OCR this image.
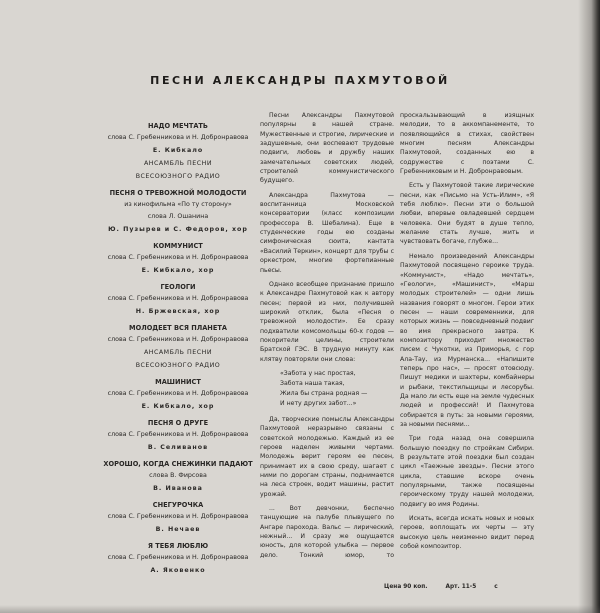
ПЕСНИ АЛЕКСАНДРЫ ПАХМУТОВОЙ
НАДО МЕЧТАТЬ
слова С. Гребенникова и Н. Добронравова
Е. Кибкало
АНСАМБЛЬ ПЕСНИ
ВСЕСОЮЗНОГО РАДИО
ПЕСНЯ О ТРЕВОЖНОЙ МОЛОДОСТИ
из кинофильма «По ту сторону»
слова Л. Ошанина
Ю. Пузырев и С. Федоров, хор
КОММУНИСТ
слова С. Гребенникова и Н. Добронравова
Е. Кибкало, хор
ГЕОЛОГИ
слова С. Гребенникова и Н. Добронравова
Н. Бржевская, хор
МОЛОДЕЕТ ВСЯ ПЛАНЕТА
слова С. Гребенникова и Н. Добронравова
АНСАМБЛЬ ПЕСНИ
ВСЕСОЮЗНОГО РАДИО
МАШИНИСТ
слова С. Гребенникова и Н. Добронравова
Е. Кибкало, хор
ПЕСНЯ О ДРУГЕ
слова С. Гребенникова и Н. Добронравова
В. Селиванов
ХОРОШО, КОГДА СНЕЖИНКИ ПАДАЮТ
слова В. Фирсова
В. Иванова
СНЕГУРОЧКА
слова С. Гребенникова и Н. Добронравова
В. Нечаев
Я ТЕБЯ ЛЮБЛЮ
слова С. Гребенникова и Н. Добронравова
А. Яковенко

Песни Александры Пахмутовой популярны в нашей стране. Мужественные и строгие, лирические и задушевные, они воспевают трудовые подвиги, любовь и дружбу наших замечательных советских людей, строителей коммунистического будущего.

Александра Пахмутова — воспитанница Московской консерватории (класс композиции профессора В. Шебалина). Еще в студенческие годы ею созданы симфоническая сюита, кантата «Василий Теркин», концерт для трубы с оркестром, многие фортепианные пьесы.

Однако всеобщее признание пришло к Александре Пахмутовой как к автору песен; первой из них, получившей широкий отклик, была «Песня о тревожной молодости». Ее сразу подхватили комсомольцы 60-х годов — покорители целины, строители Братской ГЭС. В трудную минуту как клятву повторяли они слова:

«Забота у нас простая,
Забота наша такая,
Жила бы страна родная —
И нету других забот...»

Да, творческие помыслы Александры Пахмутовой неразрывно связаны с советской молодежью. Каждый из ее героев наделен живыми чертами. Молодежь верит героям ее песен, принимает их в свою среду, шагает с ними по дорогам страны, поднимается на леса строек, водит машины, растит урожай.

... Вот девчонки, беспечно танцующие на палубе плывущего по Ангаре парохода. Вальс — лирический, нежный... И сразу же ощущается юность, для которой улыбка — первое дело. Тонкий юмор, то проскальзывающий в изящных мелодии, то в аккомпанементе, то появляющийся в стихах, свойствен многим песням Александры Пахмутовой, созданных ею в содружестве с поэтами С. Гребенниковым и Н. Добронравовым.

Есть у Пахмутовой такие лирические песни, как «Письмо на Усть-Илим», «Я тебя люблю». Песни эти о большой любви, впервые овладевшей сердцем человека. Они будят в душе тепло, желание стать лучше, жить и чувствовать богаче, глубже...

Немало произведений Александры Пахмутовой посвящено героике труда. «Коммунист», «Надо мечтать», «Геологи», «Машинист», «Марш молодых строителей» — одни лишь названия говорят о многом. Герои этих песен — наши современники, для которых жизнь — повседневный подвиг во имя прекрасного завтра. К композитору приходит множество писем с Чукотки, из Приморья, с гор Ала-Тау, из Мурманска... «Напишите теперь про нас», — просят отовсюду. Пишут медики и шахтеры, комбайнеры и рыбаки, текстильщицы и лесорубы. Да мало ли есть еще на земле чудесных людей и профессий! И Пахмутова собирается в путь: за новыми героями, за новыми песнями...

Три года назад она совершила большую поездку по стройкам Сибири. В результате этой поездки был создан цикл «Таежные звезды». Песни этого цикла, ставшие вскоре очень популярными, также посвящены героическому труду нашей молодежи, подвигу во имя Родины.

Искать, всегда искать новых и новых героев, воплощать их черты — эту высокую цель неизменно видит перед собой композитор.

Цена 90 коп.	Арт. 11-5	с
